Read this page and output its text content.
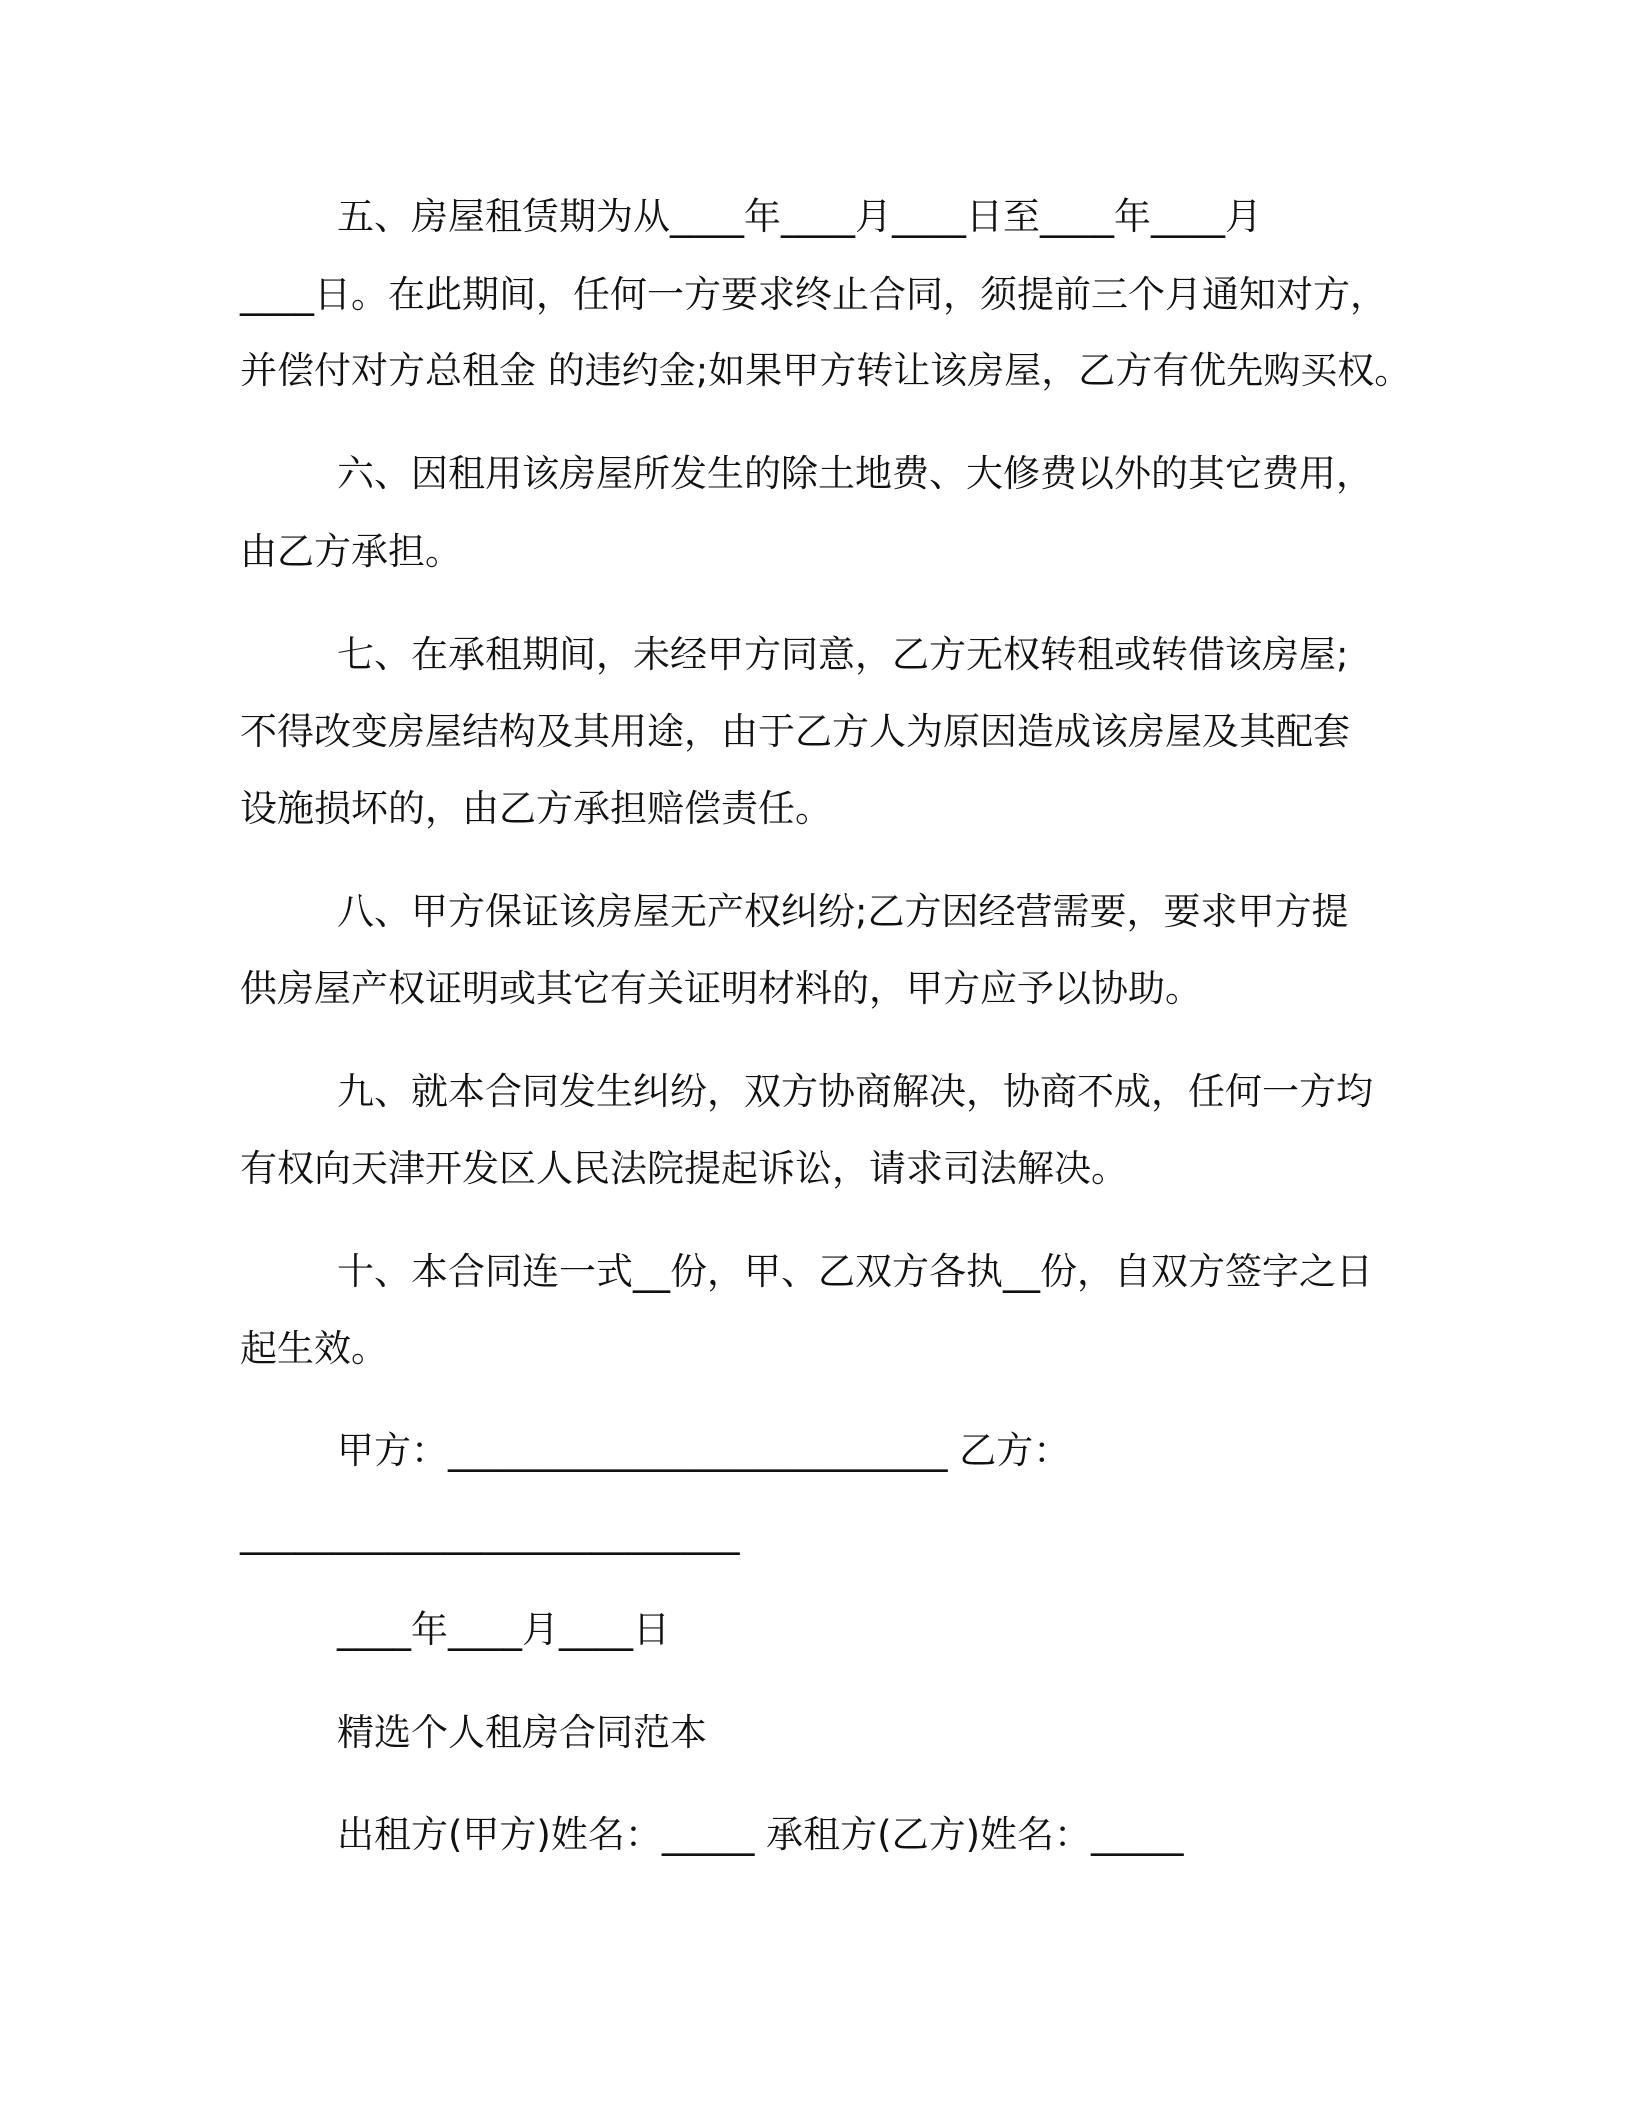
五、房屋租赁期为从____年____月____日至____年____月
____日。在此期间，任何一方要求终止合同，须提前三个月通知对方，
并偿付对方总租金 的违约金;如果甲方转让该房屋，乙方有优先购买权。
六、因租用该房屋所发生的除土地费、大修费以外的其它费用，
由乙方承担。
七、在承租期间，未经甲方同意，乙方无权转租或转借该房屋;
不得改变房屋结构及其用途，由于乙方人为原因造成该房屋及其配套
设施损坏的，由乙方承担赔偿责任。
八、甲方保证该房屋无产权纠纷;乙方因经营需要，要求甲方提
供房屋产权证明或其它有关证明材料的，甲方应予以协助。
九、就本合同发生纠纷，双方协商解决，协商不成，任何一方均
有权向天津开发区人民法院提起诉讼，请求司法解决。
十、本合同连一式__份，甲、乙双方各执__份，自双方签字之日
起生效。
甲方：___________________________ 乙方：
___________________________
____年____月____日
精选个人租房合同范本
出租方(甲方)姓名：_____ 承租方(乙方)姓名：_____
